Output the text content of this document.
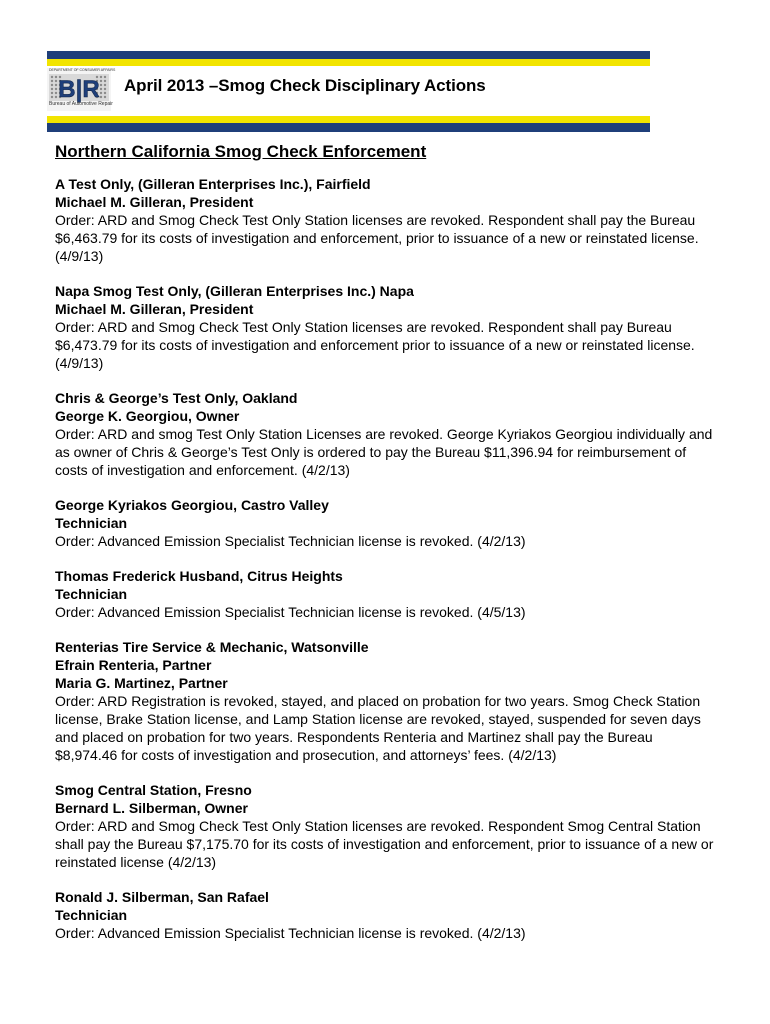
B|R
DEPARTMENT OF CONSUMER AFFAIRS
Bureau of Automotive Repair
April 2013 –Smog Check Disciplinary Actions
Northern California Smog Check Enforcement
A Test Only, (Gilleran Enterprises Inc.), Fairfield
Michael M. Gilleran, President
Order: ARD and Smog Check Test Only Station licenses are revoked. Respondent shall pay the Bureau $6,463.79 for its costs of investigation and enforcement, prior to issuance of a new or reinstated license. (4/9/13)
Napa Smog Test Only, (Gilleran Enterprises Inc.) Napa
Michael M. Gilleran, President
Order: ARD and Smog Check Test Only Station licenses are revoked. Respondent shall pay Bureau $6,473.79 for its costs of investigation and enforcement prior to issuance of a new or reinstated license. (4/9/13)
Chris & George’s Test Only, Oakland
George K. Georgiou, Owner
Order: ARD and smog Test Only Station Licenses are revoked. George Kyriakos Georgiou individually and as owner of Chris & George’s Test Only is ordered to pay the Bureau $11,396.94 for reimbursement of costs of investigation and enforcement. (4/2/13)
George Kyriakos Georgiou, Castro Valley
Technician
Order: Advanced Emission Specialist Technician license is revoked. (4/2/13)
Thomas Frederick Husband, Citrus Heights
Technician
Order: Advanced Emission Specialist Technician license is revoked. (4/5/13)
Renterias Tire Service & Mechanic, Watsonville
Efrain Renteria, Partner
Maria G. Martinez, Partner
Order: ARD Registration is revoked, stayed, and placed on probation for two years. Smog Check Station license, Brake Station license, and Lamp Station license are revoked, stayed, suspended for seven days and placed on probation for two years. Respondents Renteria and Martinez shall pay the Bureau $8,974.46 for costs of investigation and prosecution, and attorneys’ fees. (4/2/13)
Smog Central Station, Fresno
Bernard L. Silberman, Owner
Order: ARD and Smog Check Test Only Station licenses are revoked. Respondent Smog Central Station shall pay the Bureau $7,175.70 for its costs of investigation and enforcement, prior to issuance of a new or reinstated license (4/2/13)
Ronald J. Silberman, San Rafael
Technician
Order: Advanced Emission Specialist Technician license is revoked. (4/2/13)
